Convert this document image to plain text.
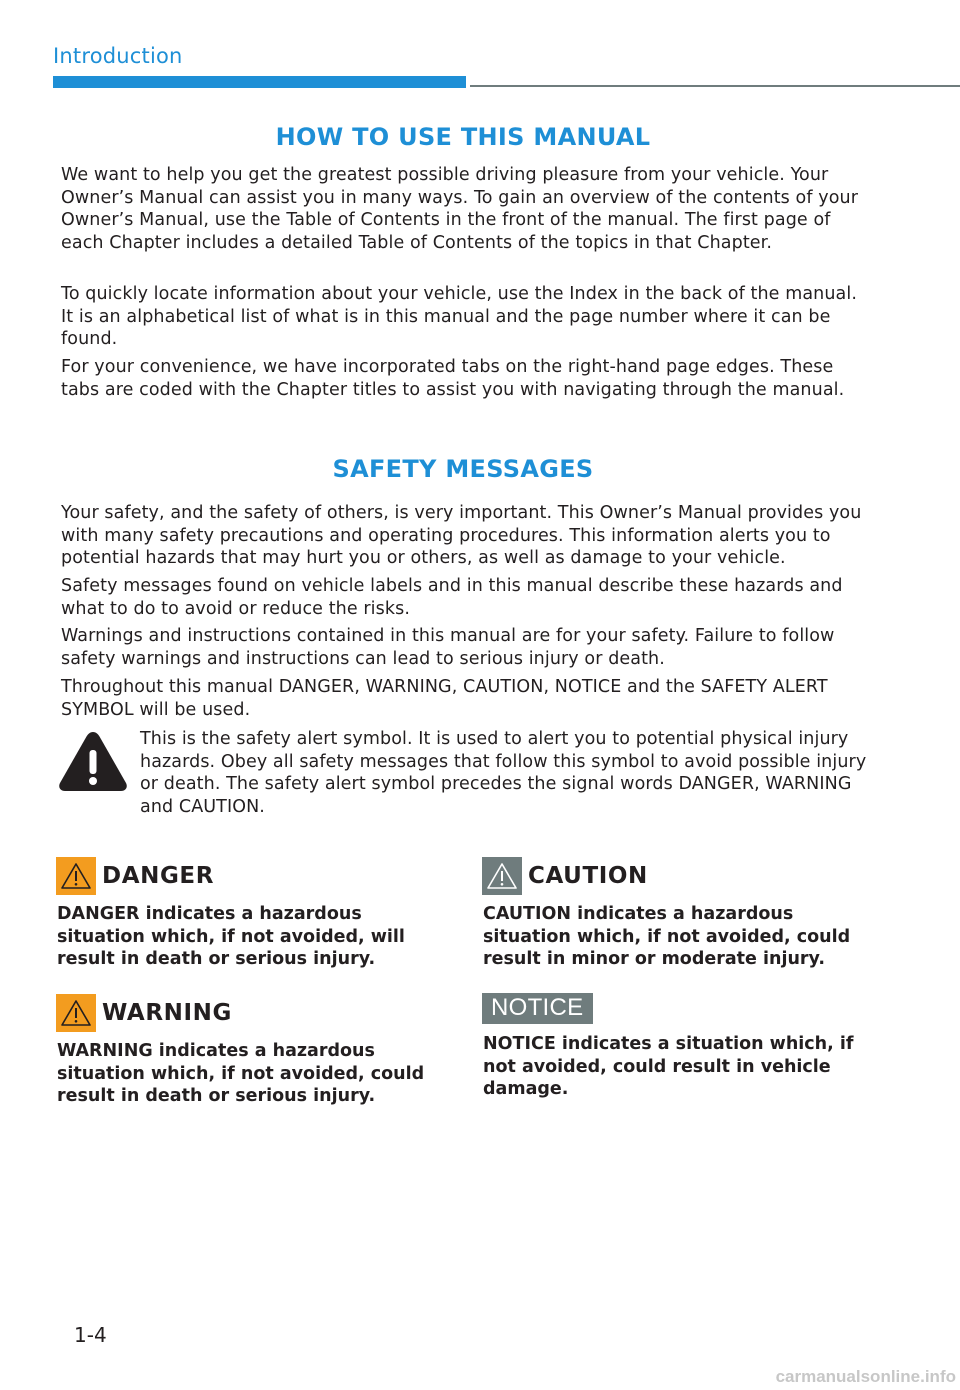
Introduction
HOW TO USE THIS MANUAL

We want to help you get the greatest possible driving pleasure from your vehicle. Your Owner’s Manual can assist you in many ways. To gain an overview of the contents of your Owner’s Manual, use the Table of Contents in the front of the manual. The first page of each Chapter includes a detailed Table of Contents of the topics in that Chapter.

To quickly locate information about your vehicle, use the Index in the back of the manual. It is an alphabetical list of what is in this manual and the page number where it can be found.

For your convenience, we have incorporated tabs on the right-hand page edges. These tabs are coded with the Chapter titles to assist you with navigating through the manual.

SAFETY MESSAGES

Your safety, and the safety of others, is very important. This Owner’s Manual provides you with many safety precautions and operating procedures. This information alerts you to potential hazards that may hurt you or others, as well as damage to your vehicle.

Safety messages found on vehicle labels and in this manual describe these hazards and what to do to avoid or reduce the risks.

Warnings and instructions contained in this manual are for your safety. Failure to follow safety warnings and instructions can lead to serious injury or death.

Throughout this manual DANGER, WARNING, CAUTION, NOTICE and the SAFETY ALERT SYMBOL will be used.

This is the safety alert symbol. It is used to alert you to potential physical injury hazards. Obey all safety messages that follow this symbol to avoid possible injury or death. The safety alert symbol precedes the signal words DANGER, WARNING and CAUTION.

DANGER

DANGER indicates a hazardous situation which, if not avoided, will result in death or serious injury.

WARNING

WARNING indicates a hazardous situation which, if not avoided, could result in death or serious injury.

CAUTION

CAUTION indicates a hazardous situation which, if not avoided, could result in minor or moderate injury.

NOTICE

NOTICE indicates a situation which, if not avoided, could result in vehicle damage.

1-4
carmanualsonline.info
